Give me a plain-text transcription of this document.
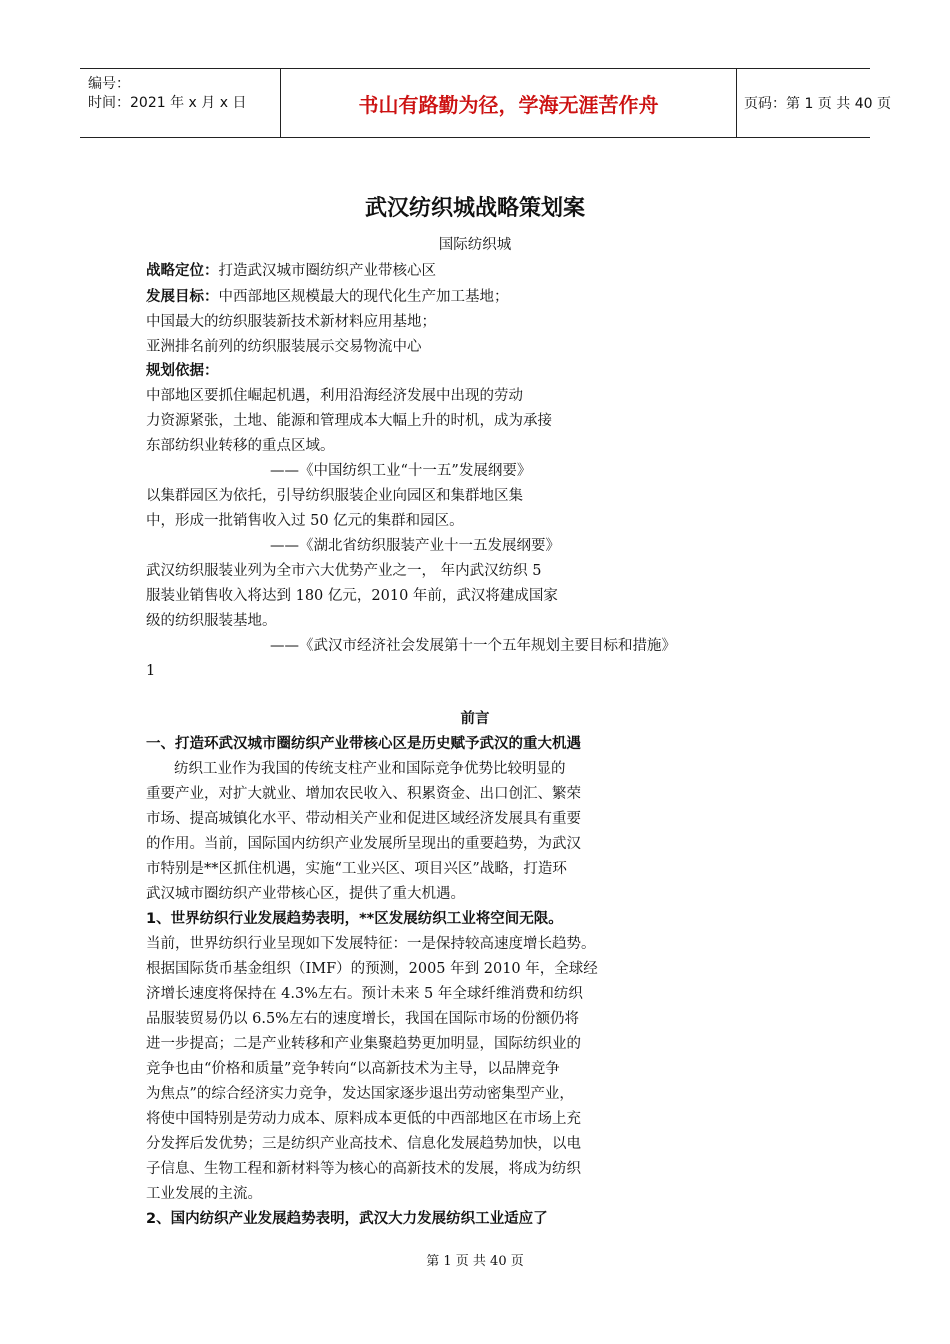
编号：
时间：2021 年 x 月 x 日	书山有路勤为径，学海无涯苦作舟	页码：第 1 页 共 40 页
武汉纺织城战略策划案
国际纺织城
战略定位：打造武汉城市圈纺织产业带核心区
发展目标：中西部地区规模最大的现代化生产加工基地；
中国最大的纺织服装新技术新材料应用基地；
亚洲排名前列的纺织服装展示交易物流中心
规划依据：
中部地区要抓住崛起机遇，利用沿海经济发展中出现的劳动
力资源紧张，土地、能源和管理成本大幅上升的时机，成为承接
东部纺织业转移的重点区域。
——《中国纺织工业“十一五”发展纲要》
以集群园区为依托，引导纺织服装企业向园区和集群地区集
中，形成一批销售收入过 50 亿元的集群和园区。
——《湖北省纺织服装产业十一五发展纲要》
武汉纺织服装业列为全市六大优势产业之一， 年内武汉纺织 5
服装业销售收入将达到 180 亿元，2010 年前，武汉将建成国家
级的纺织服装基地。
——《武汉市经济社会发展第十一个五年规划主要目标和措施》
1
前言
一、打造环武汉城市圈纺织产业带核心区是历史赋予武汉的重大机遇
纺织工业作为我国的传统支柱产业和国际竞争优势比较明显的
重要产业，对扩大就业、增加农民收入、积累资金、出口创汇、繁荣
市场、提高城镇化水平、带动相关产业和促进区域经济发展具有重要
的作用。当前，国际国内纺织产业发展所呈现出的重要趋势，为武汉
市特别是**区抓住机遇，实施“工业兴区、项目兴区”战略，打造环
武汉城市圈纺织产业带核心区，提供了重大机遇。
1、世界纺织行业发展趋势表明，**区发展纺织工业将空间无限。
当前，世界纺织行业呈现如下发展特征：一是保持较高速度增长趋势。
根据国际货币基金组织（IMF）的预测，2005 年到 2010 年，全球经
济增长速度将保持在 4.3%左右。预计未来 5 年全球纤维消费和纺织
品服装贸易仍以 6.5%左右的速度增长，我国在国际市场的份额仍将
进一步提高；二是产业转移和产业集聚趋势更加明显，国际纺织业的
竞争也由“价格和质量”竞争转向“以高新技术为主导，以品牌竞争
为焦点”的综合经济实力竞争，发达国家逐步退出劳动密集型产业，
将使中国特别是劳动力成本、原料成本更低的中西部地区在市场上充
分发挥后发优势；三是纺织产业高技术、信息化发展趋势加快，以电
子信息、生物工程和新材料等为核心的高新技术的发展，将成为纺织
工业发展的主流。
2、国内纺织产业发展趋势表明，武汉大力发展纺织工业适应了
第 1 页 共 40 页
